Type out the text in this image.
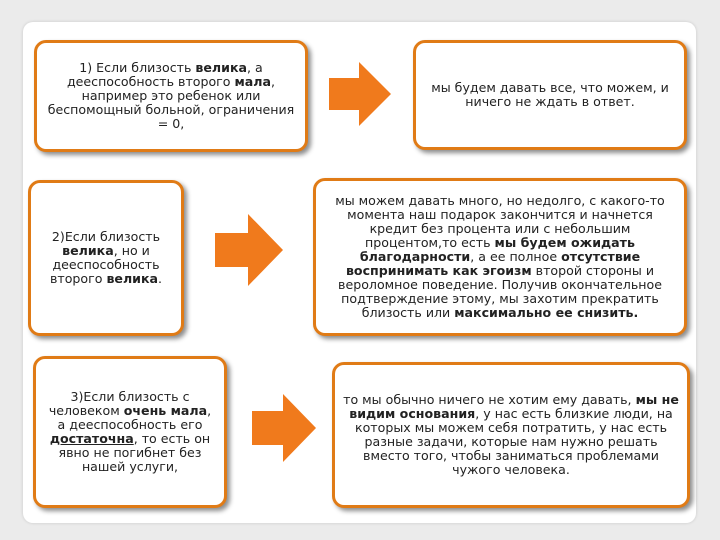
1) Если близость велика, а дееспособность второго мала, например это ребенок или беспомощный больной, ограничения = 0,

2)Если близость велика, но и дееспособность второго велика.

3)Если близость с человеком очень мала, а дееспособность его достаточна, то есть он явно не погибнет без нашей услуги,

мы будем давать все, что можем, и ничего не ждать в ответ.

мы можем давать много, но недолго, с какого-то момента наш подарок закончится и начнется кредит без процента или с небольшим процентом,то есть мы будем ожидать благодарности, а ее полное отсутствие воспринимать как эгоизм второй стороны и вероломное поведение. Получив окончательное подтверждение этому, мы захотим прекратить близость или максимально ее снизить.

то мы обычно ничего не хотим ему давать, мы не видим основания, у нас есть близкие люди, на которых мы можем себя потратить, у нас есть разные задачи, которые нам нужно решать вместо того, чтобы заниматься проблемами чужого человека.
